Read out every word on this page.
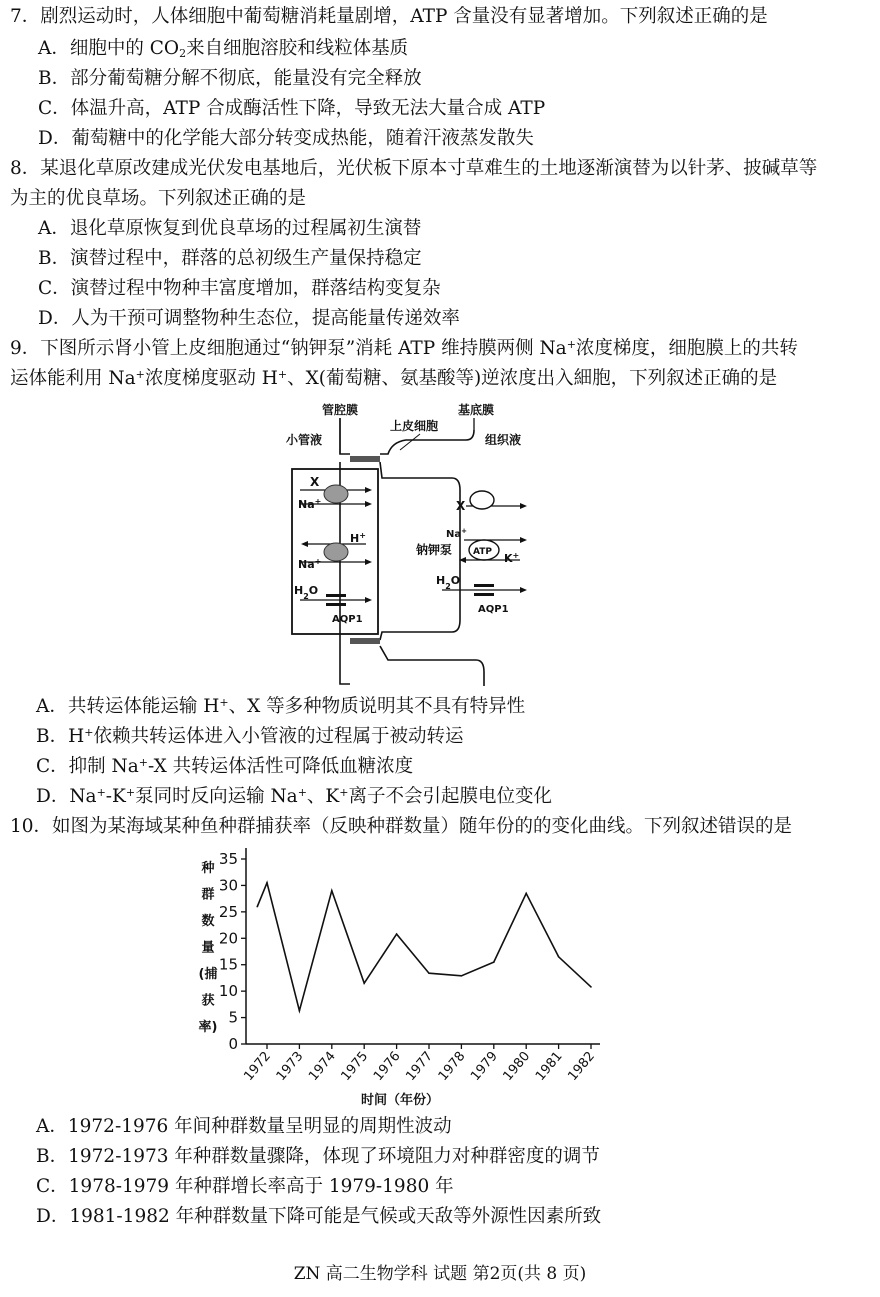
7．剧烈运动时，人体细胞中葡萄糖消耗量剧增，ATP 含量没有显著增加。下列叙述正确的是
A．细胞中的 $CO_2$来自细胞溶胶和线粒体基质
B．部分葡萄糖分解不彻底，能量没有完全释放
C．体温升高，ATP 合成酶活性下降，导致无法大量合成 ATP
D．葡萄糖中的化学能大部分转变成热能，随着汗液蒸发散失
8．某退化草原改建成光伏发电基地后，光伏板下原本寸草难生的土地逐渐演替为以针茅、披碱草等
为主的优良草场。下列叙述正确的是
A．退化草原恢复到优良草场的过程属初生演替
B．演替过程中，群落的总初级生产量保持稳定
C．演替过程中物种丰富度增加，群落结构变复杂
D．人为干预可调整物种生态位，提高能量传递效率
9．下图所示肾小管上皮细胞通过“钠钾泵”消耗 ATP 维持膜两侧 Na+浓度梯度，细胞膜上的共转
运体能利用 Na+浓度梯度驱动 H+、X(葡萄糖、氨基酸等)逆浓度出入細胞，下列叙述正确的是
管腔膜	基底膜
上皮细胞
小管液	组织液
X
Na+
H+
Na+
$H_2O$
AQP1
X
Na+
钠钾泵 ATP K+
$H_2O$
AQP1
A．共转运体能运输 H+、X 等多种物质说明其不具有特异性
B．H+依赖共转运体进入小管液的过程属于被动转运
C．抑制 Na+-X 共转运体活性可降低血糖浓度
D．Na+-K+泵同时反向运输 Na+、K+离子不会引起膜电位变化
10．如图为某海域某种鱼种群捕获率（反映种群数量）随年份的的变化曲线。下列叙述错误的是
种
群
数
量
(捕
获
率)
0
5
10
15
20
25
30
35
1972 1973 1974 1975 1976 1977 1978 1979 1980 1981 1982
时间（年份）
A．1972-1976 年间种群数量呈明显的周期性波动
B．1972-1973 年种群数量骤降，体现了环境阻力对种群密度的调节
C．1978-1979 年种群增长率高于 1979-1980 年
D．1981-1982 年种群数量下降可能是气候或天敌等外源性因素所致
ZN 高二生物学科 试题 第2页(共 8 页)
